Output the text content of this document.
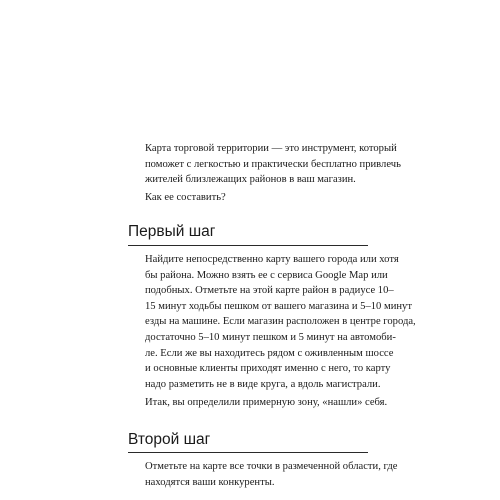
Карта торговой территории — это инструмент, который
поможет с легкостью и практически бесплатно привлечь
жителей близлежащих районов в ваш магазин.

Как ее составить?

Первый шаг

Найдите непосредственно карту вашего города или хотя
бы района. Можно взять ее с сервиса Google Map или
подобных. Отметьте на этой карте район в радиусе 10–
15 минут ходьбы пешком от вашего магазина и 5–10 минут
езды на машине. Если магазин расположен в центре города,
достаточно 5–10 минут пешком и 5 минут на автомоби-
ле. Если же вы находитесь рядом с оживленным шоссе
и основные клиенты приходят именно с него, то карту
надо разметить не в виде круга, а вдоль магистрали.

Итак, вы определили примерную зону, «нашли» себя.

Второй шаг

Отметьте на карте все точки в размеченной области, где
находятся ваши конкуренты.
